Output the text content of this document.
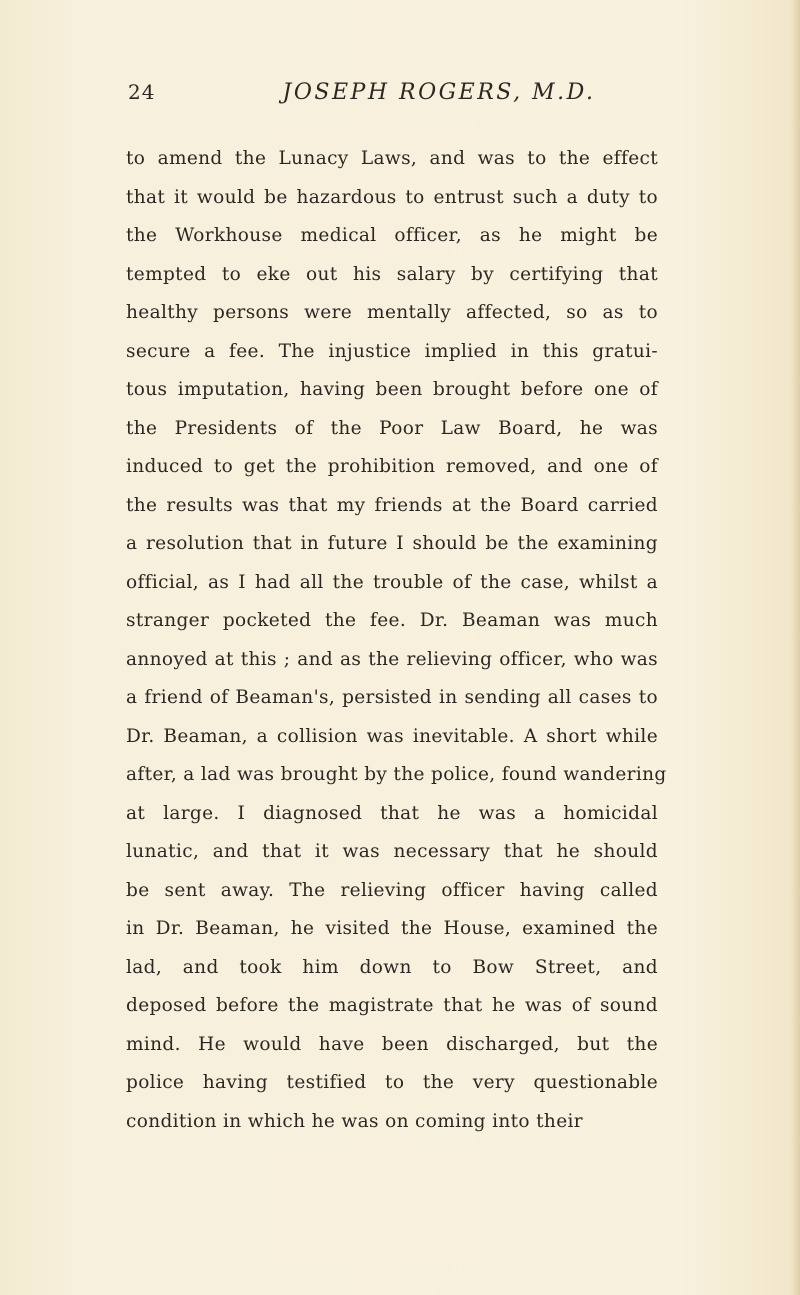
24	JOSEPH ROGERS, M.D.
to amend the Lunacy Laws, and was to the effect
that it would be hazardous to entrust such a duty to
the Workhouse medical officer, as he might be
tempted to eke out his salary by certifying that
healthy persons were mentally affected, so as to
secure a fee. The injustice implied in this gratui-
tous imputation, having been brought before one of
the Presidents of the Poor Law Board, he was
induced to get the prohibition removed, and one of
the results was that my friends at the Board carried
a resolution that in future I should be the examining
official, as I had all the trouble of the case, whilst a
stranger pocketed the fee. Dr. Beaman was much
annoyed at this ; and as the relieving officer, who was
a friend of Beaman's, persisted in sending all cases to
Dr. Beaman, a collision was inevitable. A short while
after, a lad was brought by the police, found wandering
at large. I diagnosed that he was a homicidal
lunatic, and that it was necessary that he should
be sent away. The relieving officer having called
in Dr. Beaman, he visited the House, examined the
lad, and took him down to Bow Street, and
deposed before the magistrate that he was of sound
mind. He would have been discharged, but the
police having testified to the very questionable
condition in which he was on coming into their
